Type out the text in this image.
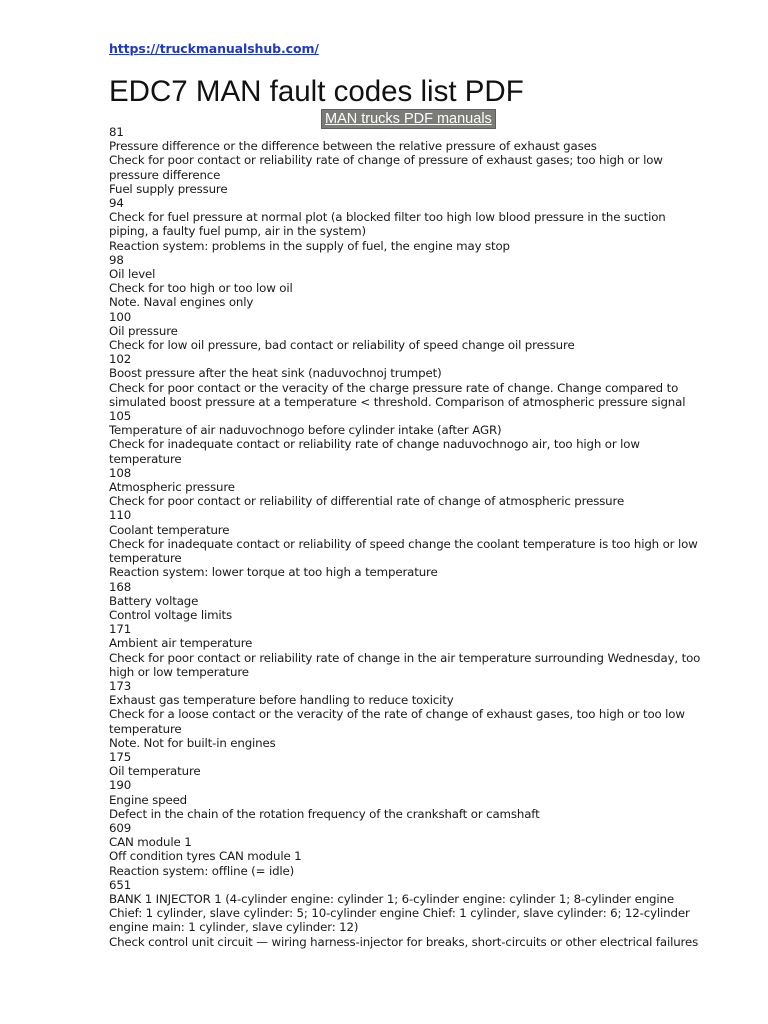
https://truckmanualshub.com/
EDC7 MAN fault codes list PDF
MAN trucks PDF manuals
81
Pressure difference or the difference between the relative pressure of exhaust gases
Check for poor contact or reliability rate of change of pressure of exhaust gases; too high or low
pressure difference
Fuel supply pressure
94
Check for fuel pressure at normal plot (a blocked filter too high low blood pressure in the suction
piping, a faulty fuel pump, air in the system)
Reaction system: problems in the supply of fuel, the engine may stop
98
Oil level
Check for too high or too low oil
Note. Naval engines only
100
Oil pressure
Check for low oil pressure, bad contact or reliability of speed change oil pressure
102
Boost pressure after the heat sink (naduvochnoj trumpet)
Check for poor contact or the veracity of the charge pressure rate of change. Change compared to
simulated boost pressure at a temperature < threshold. Comparison of atmospheric pressure signal
105
Temperature of air naduvochnogo before cylinder intake (after AGR)
Check for inadequate contact or reliability rate of change naduvochnogo air, too high or low
temperature
108
Atmospheric pressure
Check for poor contact or reliability of differential rate of change of atmospheric pressure
110
Coolant temperature
Check for inadequate contact or reliability of speed change the coolant temperature is too high or low
temperature
Reaction system: lower torque at too high a temperature
168
Battery voltage
Control voltage limits
171
Ambient air temperature
Check for poor contact or reliability rate of change in the air temperature surrounding Wednesday, too
high or low temperature
173
Exhaust gas temperature before handling to reduce toxicity
Check for a loose contact or the veracity of the rate of change of exhaust gases, too high or too low
temperature
Note. Not for built-in engines
175
Oil temperature
190
Engine speed
Defect in the chain of the rotation frequency of the crankshaft or camshaft
609
CAN module 1
Off condition tyres CAN module 1
Reaction system: offline (= idle)
651
BANK 1 INJECTOR 1 (4-cylinder engine: cylinder 1; 6-cylinder engine: cylinder 1; 8-cylinder engine
Chief: 1 cylinder, slave cylinder: 5; 10-cylinder engine Chief: 1 cylinder, slave cylinder: 6; 12-cylinder
engine main: 1 cylinder, slave cylinder: 12)
Check control unit circuit — wiring harness-injector for breaks, short-circuits or other electrical failures
